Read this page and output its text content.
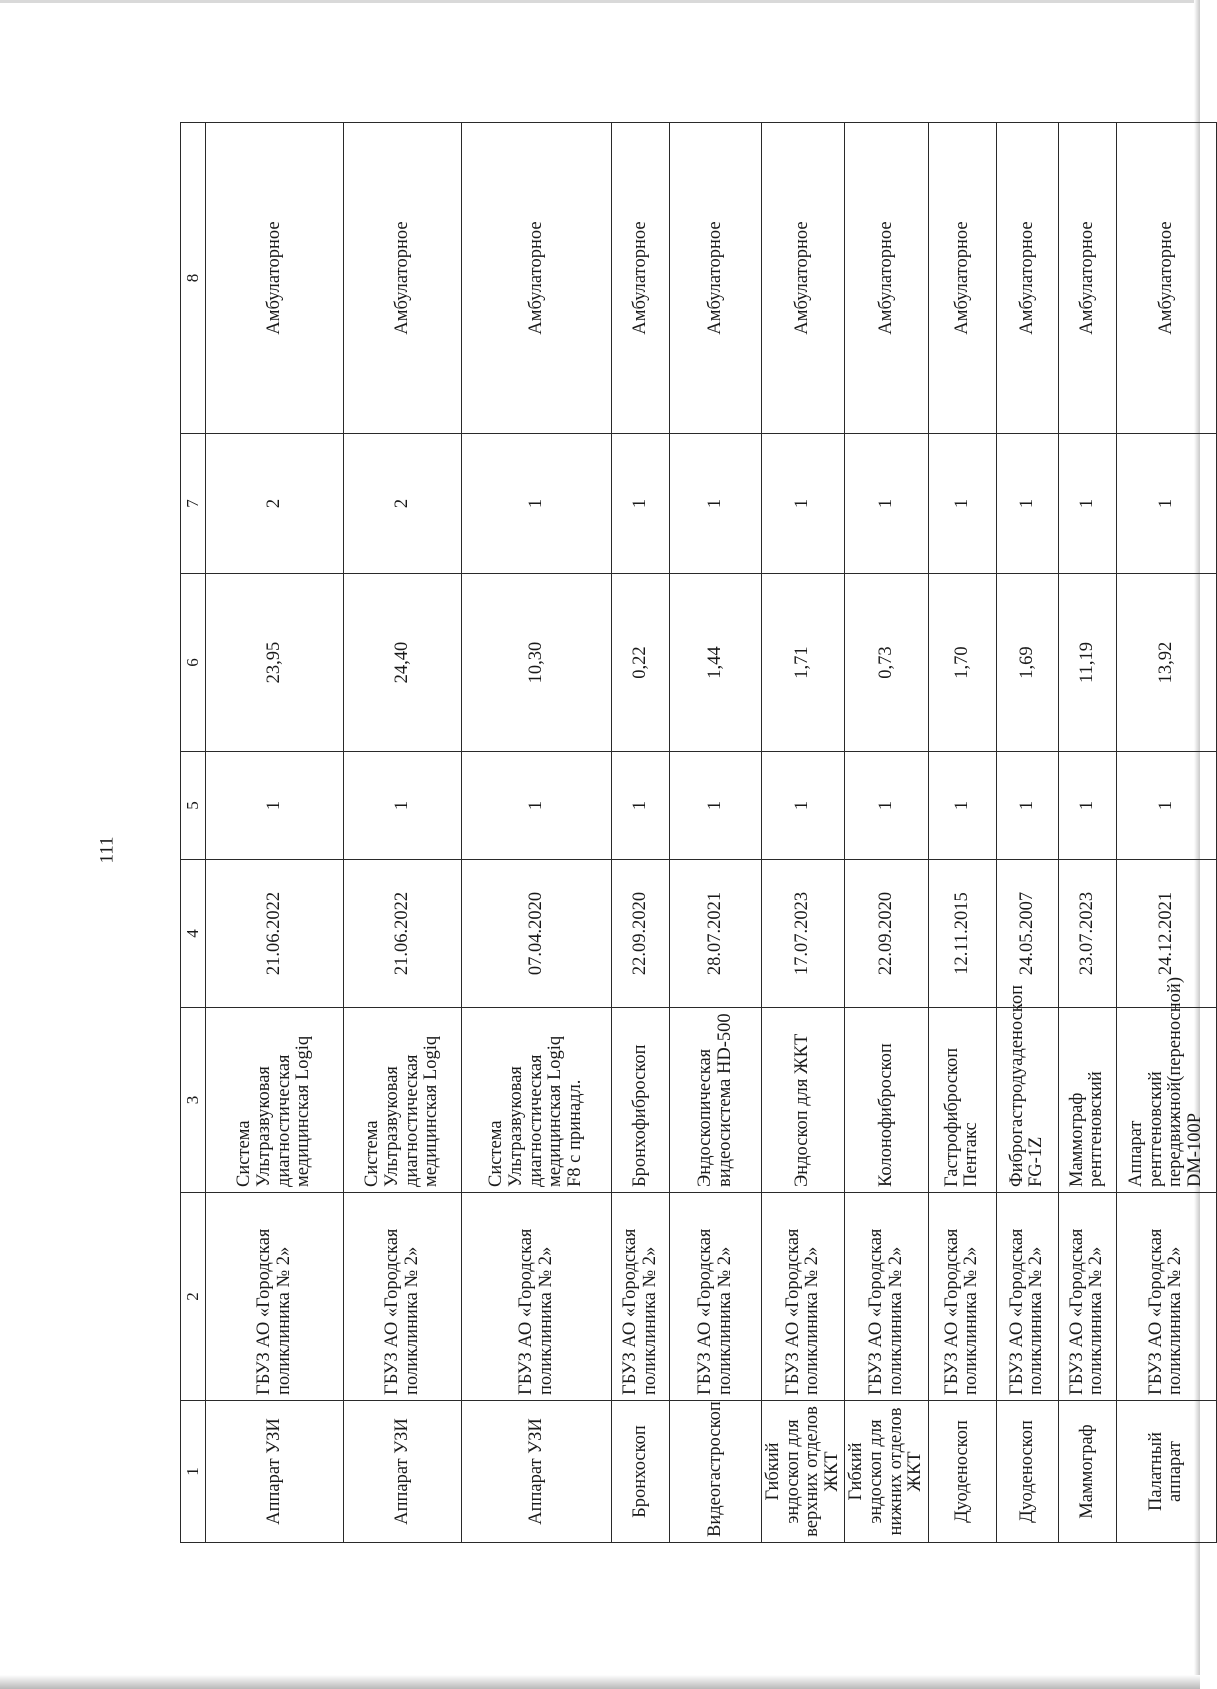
111
1	2	3	4	5	6	7	8
Аппарат УЗИ	ГБУЗ АО «Городская поликлиника № 2»	Система Ультразвуковая диагностическая медицинская Logiq	21.06.2022	1	23,95	2	Амбулаторное
Аппарат УЗИ	ГБУЗ АО «Городская поликлиника № 2»	Система Ультразвуковая диагностическая медицинская Logiq	21.06.2022	1	24,40	2	Амбулаторное
Аппарат УЗИ	ГБУЗ АО «Городская поликлиника № 2»	Система Ультразвуковая диагностическая медицинская Logiq F8 с принадл.	07.04.2020	1	10,30	1	Амбулаторное
Бронхоскоп	ГБУЗ АО «Городская поликлиника № 2»	Бронхофиброскоп	22.09.2020	1	0,22	1	Амбулаторное
Видеогастроскоп	ГБУЗ АО «Городская поликлиника № 2»	Эндоскопическая видеосистема HD-500	28.07.2021	1	1,44	1	Амбулаторное
Гибкий эндоскоп для верхних отделов ЖКТ	ГБУЗ АО «Городская поликлиника № 2»	Эндоскоп для ЖКТ	17.07.2023	1	1,71	1	Амбулаторное
Гибкий эндоскоп для нижних отделов ЖКТ	ГБУЗ АО «Городская поликлиника № 2»	Колонофиброскоп	22.09.2020	1	0,73	1	Амбулаторное
Дуоденоскоп	ГБУЗ АО «Городская поликлиника № 2»	Гастрофиброскоп Пентакс	12.11.2015	1	1,70	1	Амбулаторное
Дуоденоскоп	ГБУЗ АО «Городская поликлиника № 2»	Фиброгастродуаденоскоп FG-1Z	24.05.2007	1	1,69	1	Амбулаторное
Маммограф	ГБУЗ АО «Городская поликлиника № 2»	Маммограф рентгеновский	23.07.2023	1	11,19	1	Амбулаторное
Палатный аппарат	ГБУЗ АО «Городская поликлиника № 2»	Аппарат рентгеновский передвижной(переносной) DM-100P	24.12.2021	1	13,92	1	Амбулаторное
